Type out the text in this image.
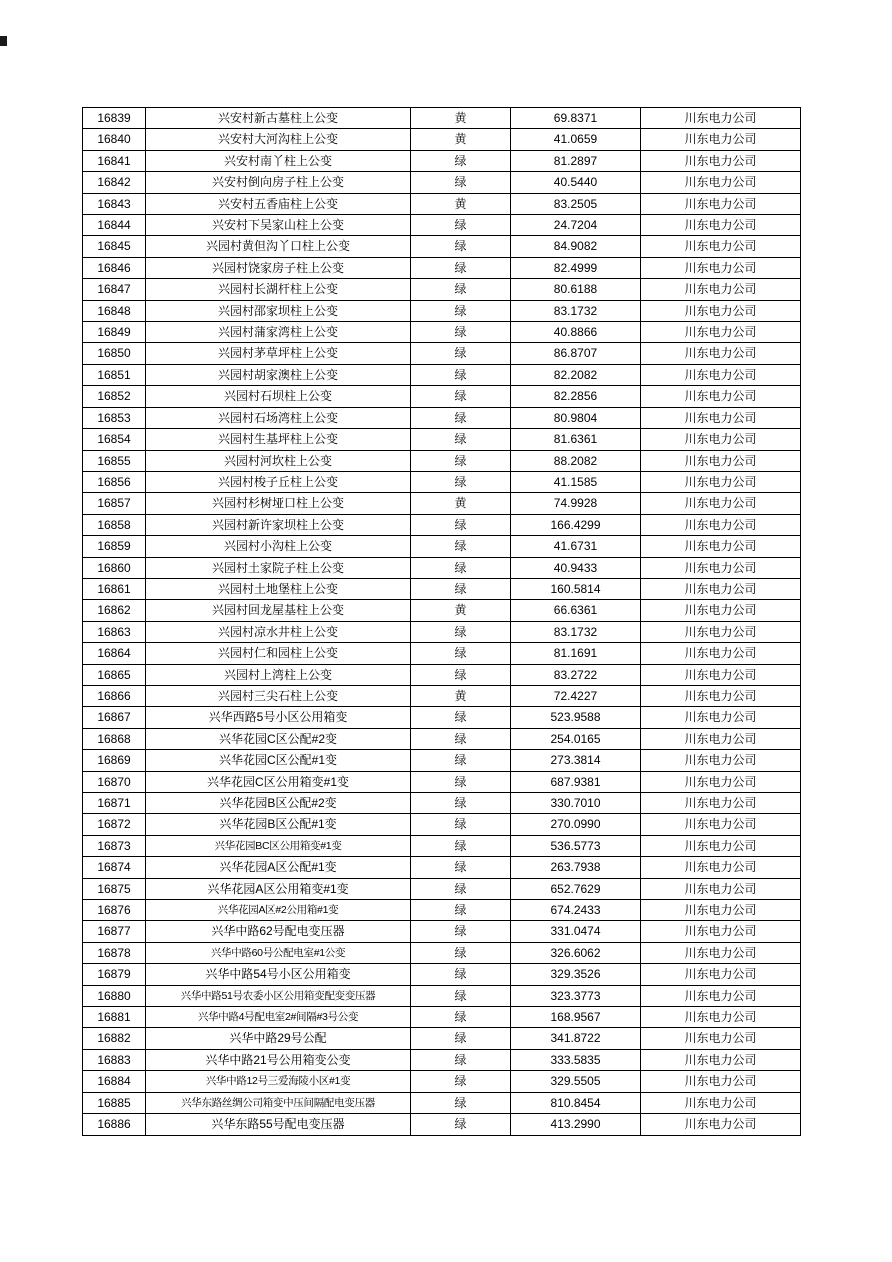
16839	兴安村新古墓柱上公变	黄	69.8371	川东电力公司
16840	兴安村大河沟柱上公变	黄	41.0659	川东电力公司
16841	兴安村南丫柱上公变	绿	81.2897	川东电力公司
16842	兴安村倒向房子柱上公变	绿	40.5440	川东电力公司
16843	兴安村五香庙柱上公变	黄	83.2505	川东电力公司
16844	兴安村下吴家山柱上公变	绿	24.7204	川东电力公司
16845	兴园村黄但沟丫口柱上公变	绿	84.9082	川东电力公司
16846	兴园村饶家房子柱上公变	绿	82.4999	川东电力公司
16847	兴园村长湖杆柱上公变	绿	80.6188	川东电力公司
16848	兴园村邵家坝柱上公变	绿	83.1732	川东电力公司
16849	兴园村蒲家湾柱上公变	绿	40.8866	川东电力公司
16850	兴园村茅草坪柱上公变	绿	86.8707	川东电力公司
16851	兴园村胡家澳柱上公变	绿	82.2082	川东电力公司
16852	兴园村石坝柱上公变	绿	82.2856	川东电力公司
16853	兴园村石场湾柱上公变	绿	80.9804	川东电力公司
16854	兴园村生基坪柱上公变	绿	81.6361	川东电力公司
16855	兴园村河坎柱上公变	绿	88.2082	川东电力公司
16856	兴园村梭子丘柱上公变	绿	41.1585	川东电力公司
16857	兴园村杉树垭口柱上公变	黄	74.9928	川东电力公司
16858	兴园村新许家坝柱上公变	绿	166.4299	川东电力公司
16859	兴园村小沟柱上公变	绿	41.6731	川东电力公司
16860	兴园村土家院子柱上公变	绿	40.9433	川东电力公司
16861	兴园村土地堡柱上公变	绿	160.5814	川东电力公司
16862	兴园村回龙屋基柱上公变	黄	66.6361	川东电力公司
16863	兴园村凉水井柱上公变	绿	83.1732	川东电力公司
16864	兴园村仁和园柱上公变	绿	81.1691	川东电力公司
16865	兴园村上湾柱上公变	绿	83.2722	川东电力公司
16866	兴园村三尖石柱上公变	黄	72.4227	川东电力公司
16867	兴华西路5号小区公用箱变	绿	523.9588	川东电力公司
16868	兴华花园C区公配#2变	绿	254.0165	川东电力公司
16869	兴华花园C区公配#1变	绿	273.3814	川东电力公司
16870	兴华花园C区公用箱变#1变	绿	687.9381	川东电力公司
16871	兴华花园B区公配#2变	绿	330.7010	川东电力公司
16872	兴华花园B区公配#1变	绿	270.0990	川东电力公司
16873	兴华花园BC区公用箱变#1变	绿	536.5773	川东电力公司
16874	兴华花园A区公配#1变	绿	263.7938	川东电力公司
16875	兴华花园A区公用箱变#1变	绿	652.7629	川东电力公司
16876	兴华花园A区#2公用箱#1变	绿	674.2433	川东电力公司
16877	兴华中路62号配电变压器	绿	331.0474	川东电力公司
16878	兴华中路60号公配电室#1公变	绿	326.6062	川东电力公司
16879	兴华中路54号小区公用箱变	绿	329.3526	川东电力公司
16880	兴华中路51号农委小区公用箱变配变变压器	绿	323.3773	川东电力公司
16881	兴华中路4号配电室2#间隔#3号公变	绿	168.9567	川东电力公司
16882	兴华中路29号公配	绿	341.8722	川东电力公司
16883	兴华中路21号公用箱变公变	绿	333.5835	川东电力公司
16884	兴华中路12号三爱海陵小区#1变	绿	329.5505	川东电力公司
16885	兴华东路丝绸公司箱变中压间隔配电变压器	绿	810.8454	川东电力公司
16886	兴华东路55号配电变压器	绿	413.2990	川东电力公司
